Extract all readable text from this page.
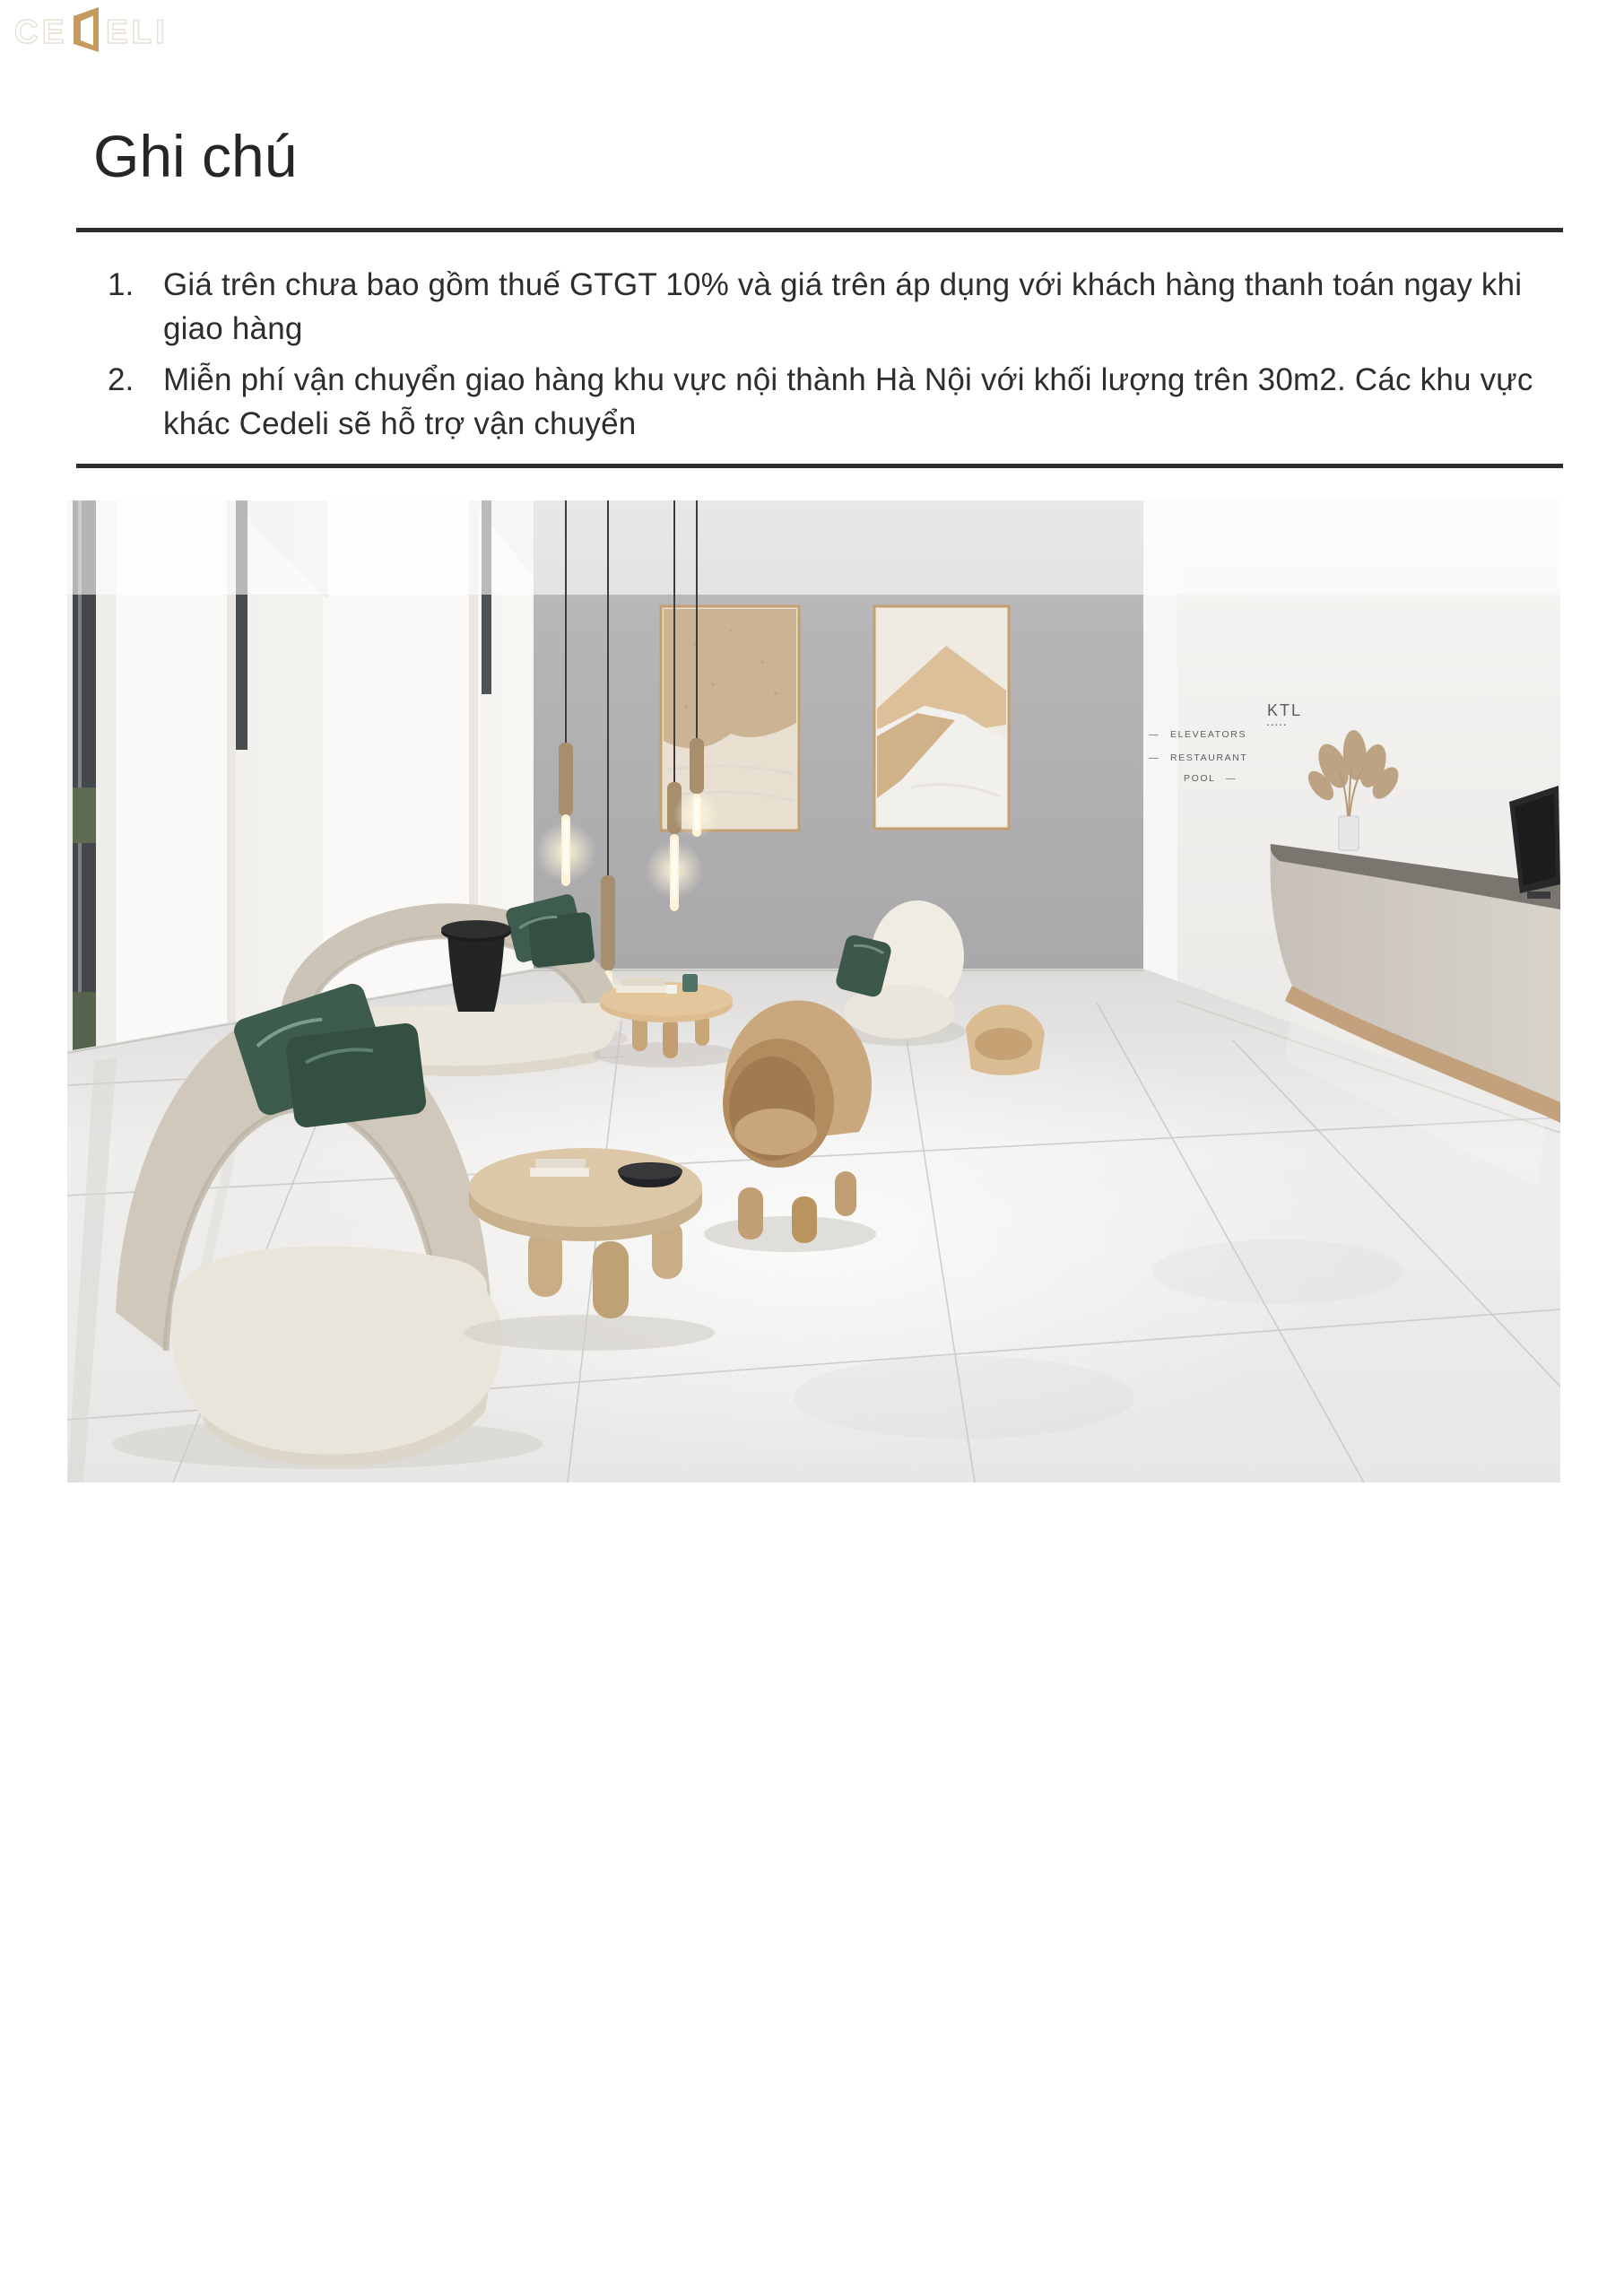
CE ELI
Ghi chú
1. Giá trên chưa bao gồm thuế GTGT 10% và giá trên áp dụng với khách hàng thanh toán ngay khi giao hàng
2. Miễn phí vận chuyển giao hàng khu vực nội thành Hà Nội với khối lượng trên 30m2. Các khu vực khác Cedeli sẽ hỗ trợ vận chuyển
KTL
▪▪▪▪▪
— ELEVEATORS
— RESTAURANT
POOL —
